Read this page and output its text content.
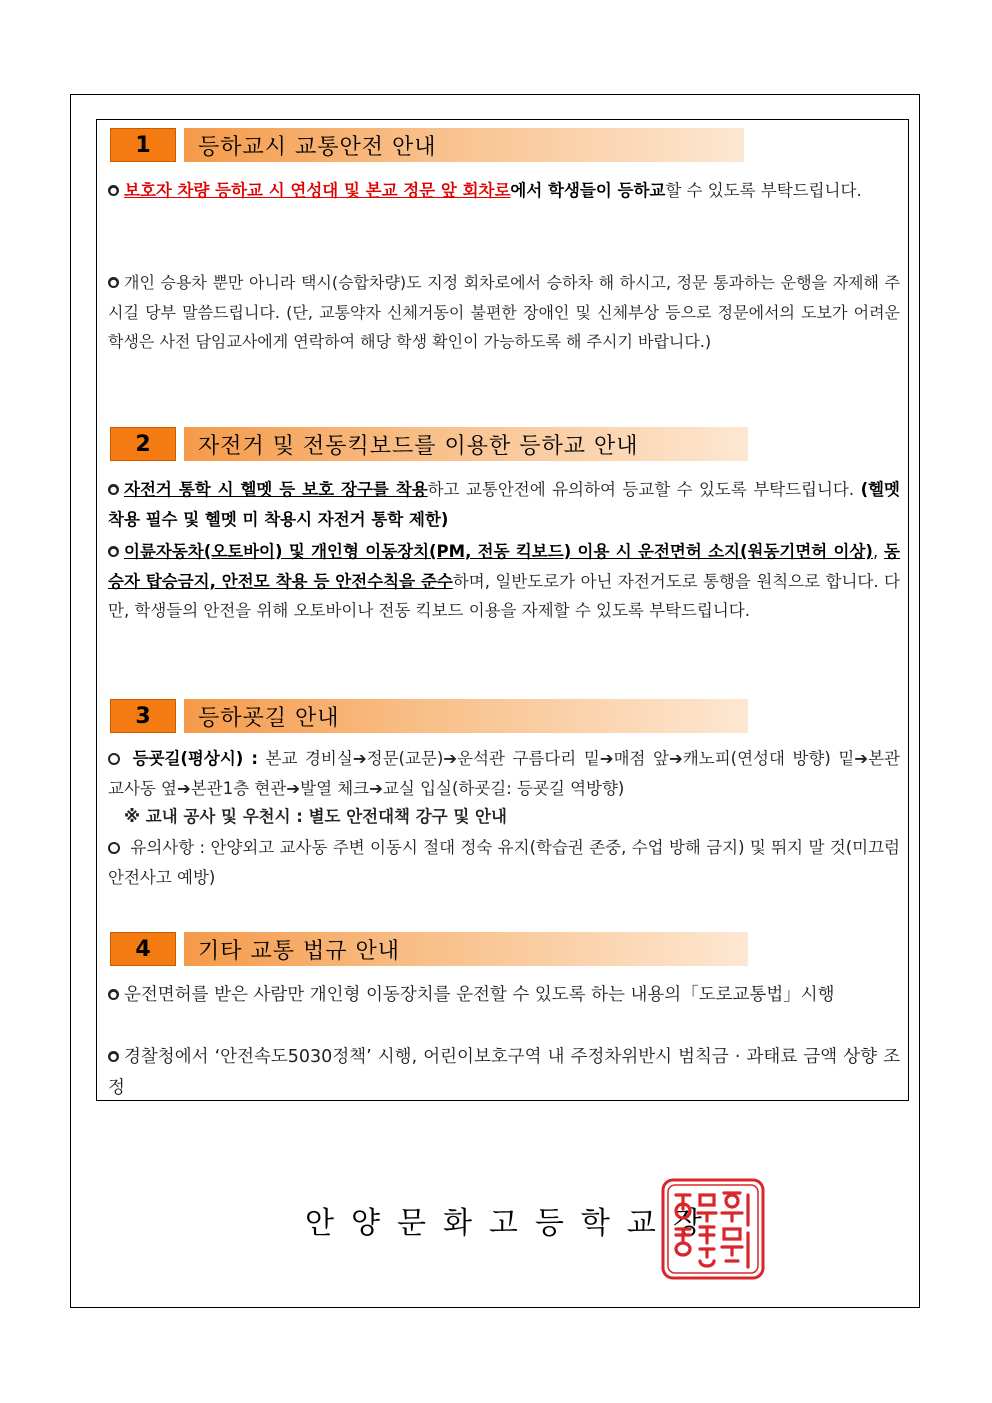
1	등하교시 교통안전 안내
● 보호자 차량 등하교 시 연성대 및 본교 정문 앞 회차로에서 학생들이 등하교할 수 있도록 부탁드립니다.
● 개인 승용차 뿐만 아니라 택시(승합차량)도 지정 회차로에서 승하차 해 하시고, 정문 통과하는 운행을 자제해 주시길 당부 말씀드립니다. (단, 교통약자 신체거동이 불편한 장애인 및 신체부상 등으로 정문에서의 도보가 어려운 학생은 사전 담임교사에게 연락하여 해당 학생 확인이 가능하도록 해 주시기 바랍니다.)
2	자전거 및 전동킥보드를 이용한 등하교 안내
● 자전거 통학 시 헬멧 등 보호 장구를 착용하고 교통안전에 유의하여 등교할 수 있도록 부탁드립니다. (헬멧 착용 필수 및 헬멧 미 착용시 자전거 통학 제한)
● 이륜자동차(오토바이) 및 개인형 이동장치(PM, 전동 킥보드) 이용 시 운전면허 소지(원동기면허 이상), 동승자 탑승금지, 안전모 착용 등 안전수칙을 준수하며, 일반도로가 아닌 자전거도로 통행을 원칙으로 합니다. 다만, 학생들의 안전을 위해 오토바이나 전동 킥보드 이용을 자제할 수 있도록 부탁드립니다.
3	등하굣길 안내
등굣길(평상시) : 본교 경비실➔정문(교문)➔운석관 구름다리 밑➔매점 앞➔캐노피(연성대 방향) 밑➔본관 교사동 옆➔본관1층 현관➔발열 체크➔교실 입실(하굣길: 등굣길 역방향)
※ 교내 공사 및 우천시 : 별도 안전대책 강구 및 안내
유의사항 : 안양외고 교사동 주변 이동시 절대 정숙 유지(학습권 존중, 수업 방해 금지) 및 뛰지 말 것(미끄럼 안전사고 예방)
4	기타 교통 법규 안내
● 운전면허를 받은 사람만 개인형 이동장치를 운전할 수 있도록 하는 내용의「도로교통법」시행
● 경찰청에서 ‘안전속도5030정책’ 시행, 어린이보호구역 내 주정차위반시 범칙금 · 과태료 금액 상향 조정
안양문화고등학교장
